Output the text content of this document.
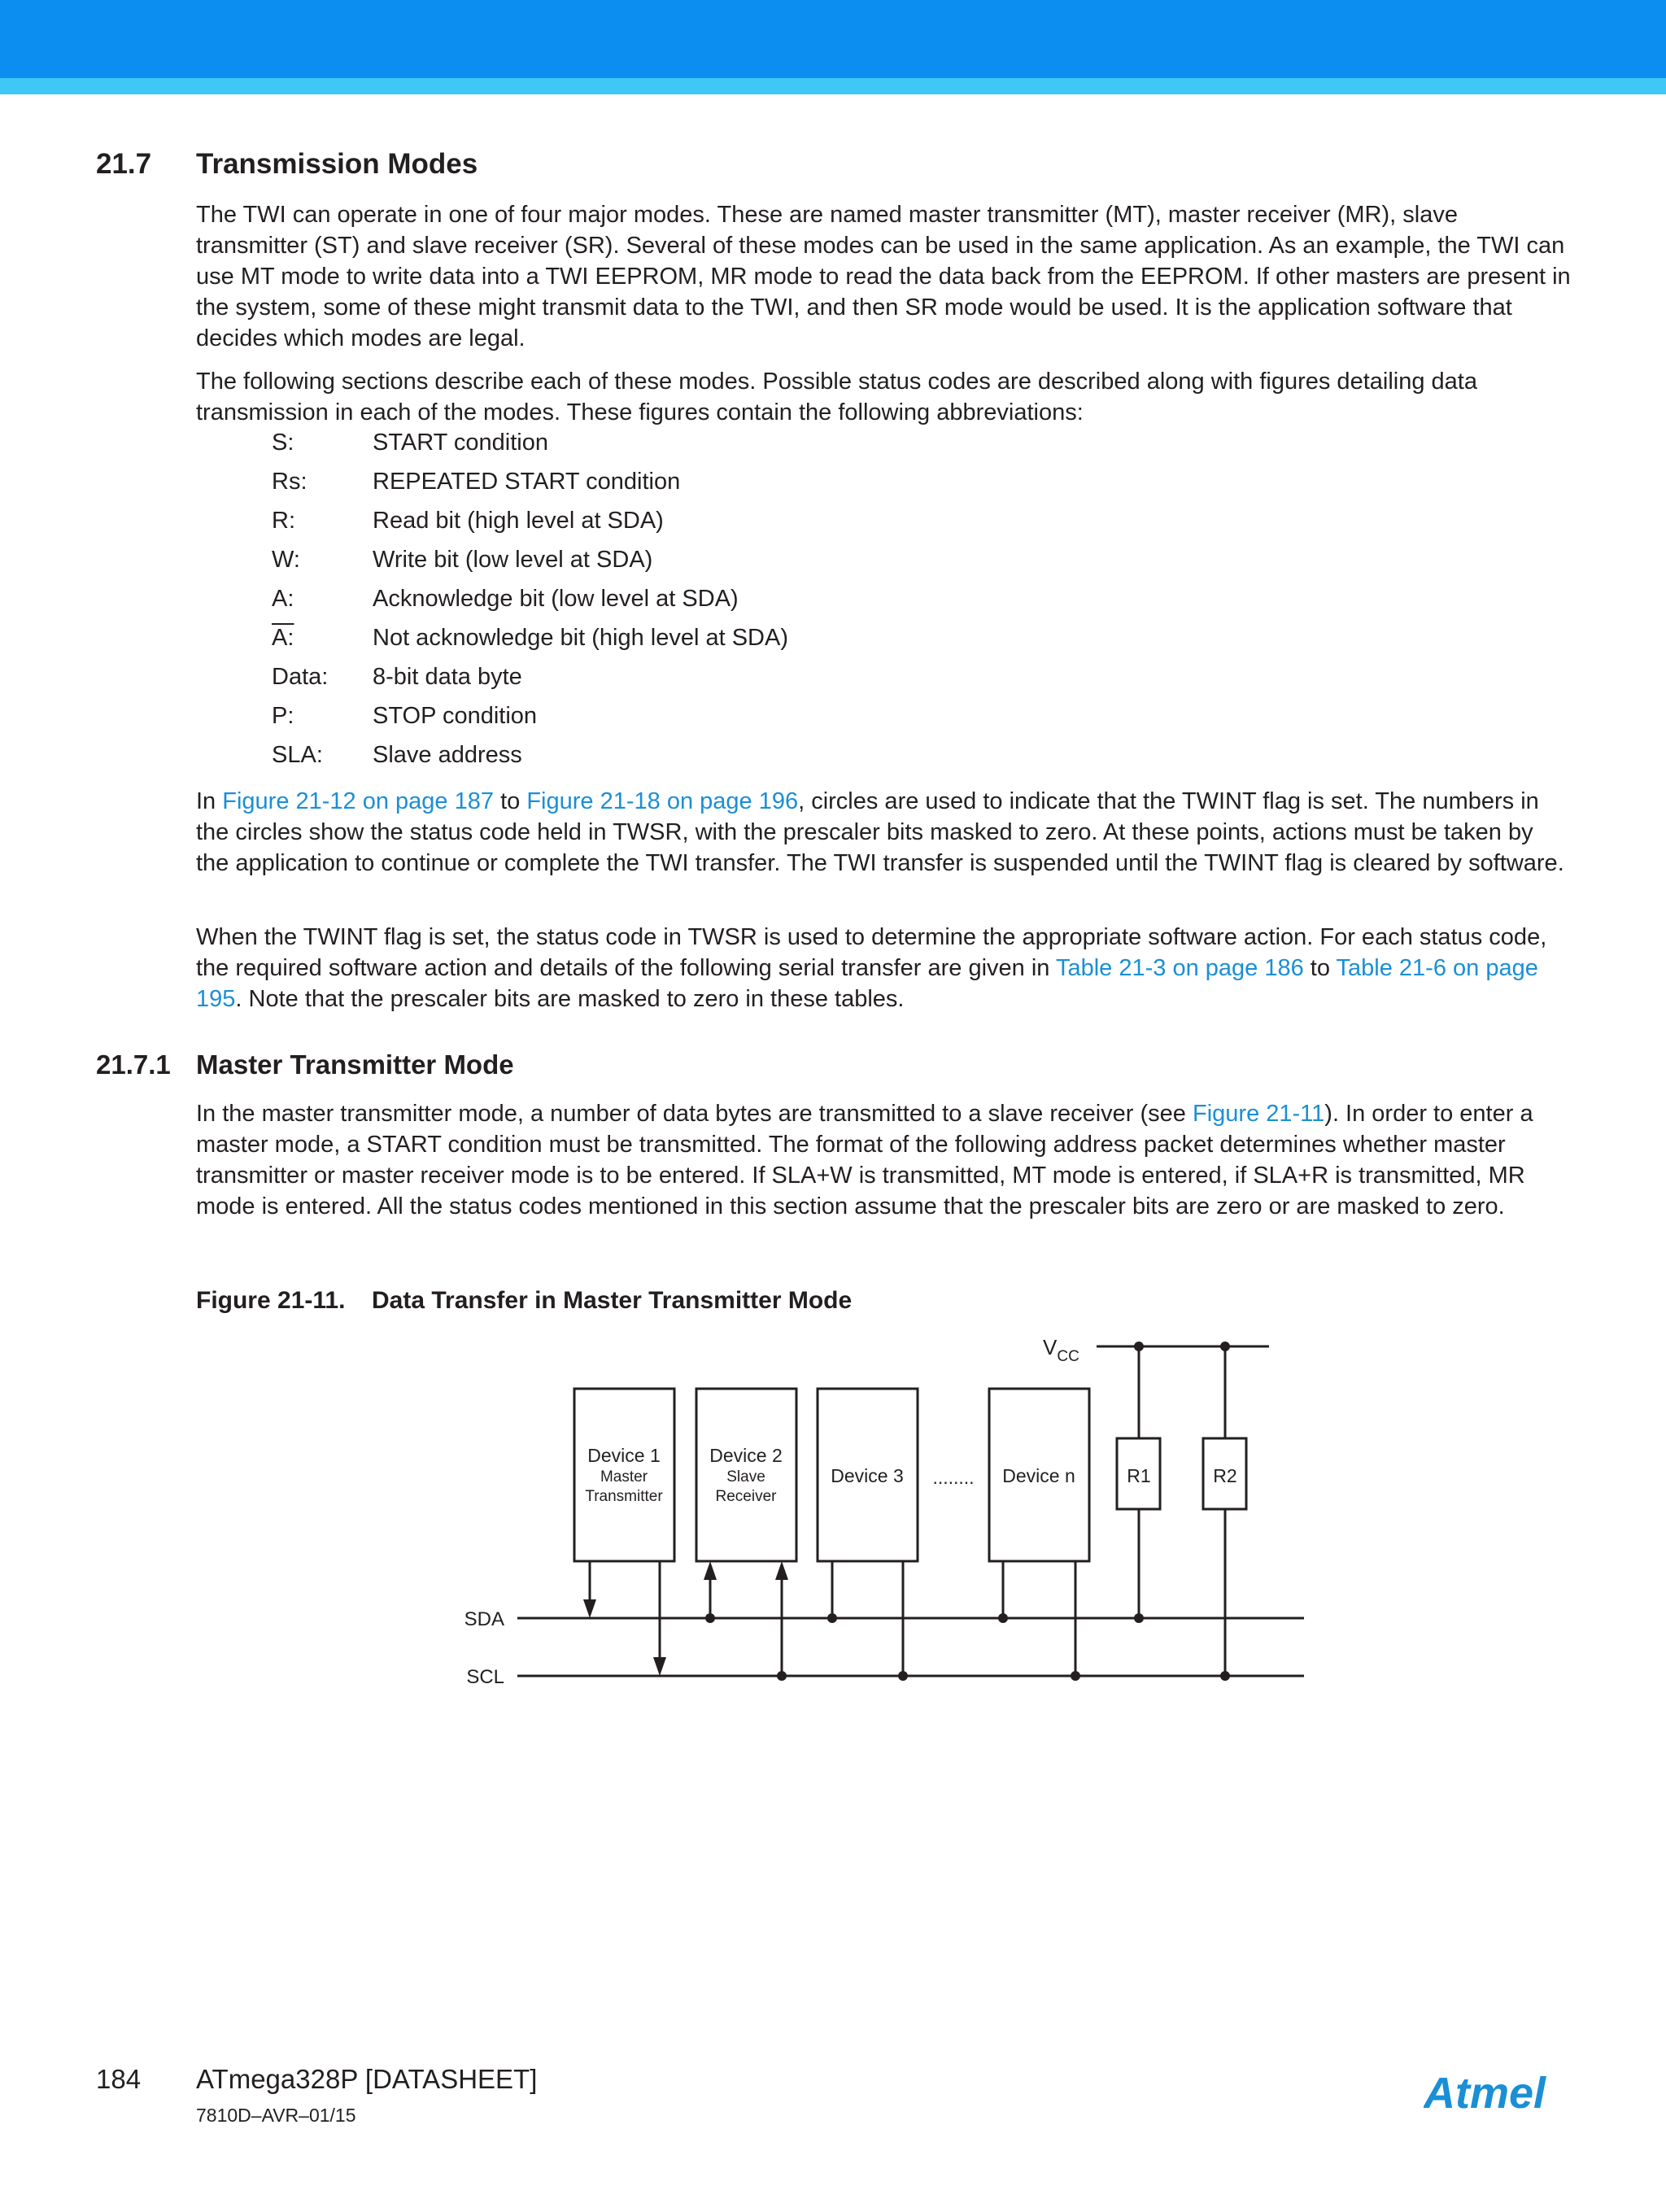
21.7 Transmission Modes

The TWI can operate in one of four major modes. These are named master transmitter (MT), master receiver (MR), slave transmitter (ST) and slave receiver (SR). Several of these modes can be used in the same application. As an example, the TWI can use MT mode to write data into a TWI EEPROM, MR mode to read the data back from the EEPROM. If other masters are present in the system, some of these might transmit data to the TWI, and then SR mode would be used. It is the application software that decides which modes are legal.

The following sections describe each of these modes. Possible status codes are described along with figures detailing data transmission in each of the modes. These figures contain the following abbreviations:

S:	START condition
Rs:	REPEATED START condition
R:	Read bit (high level at SDA)
W:	Write bit (low level at SDA)
A:	Acknowledge bit (low level at SDA)
A:	Not acknowledge bit (high level at SDA)
Data: 8-bit data byte
P:	STOP condition
SLA: Slave address

In Figure 21-12 on page 187 to Figure 21-18 on page 196, circles are used to indicate that the TWINT flag is set. The numbers in the circles show the status code held in TWSR, with the prescaler bits masked to zero. At these points, actions must be taken by the application to continue or complete the TWI transfer. The TWI transfer is suspended until the TWINT flag is cleared by software.

When the TWINT flag is set, the status code in TWSR is used to determine the appropriate software action. For each status code, the required software action and details of the following serial transfer are given in Table 21-3 on page 186 to Table 21-6 on page 195. Note that the prescaler bits are masked to zero in these tables.

21.7.1 Master Transmitter Mode

In the master transmitter mode, a number of data bytes are transmitted to a slave receiver (see Figure 21-11). In order to enter a master mode, a START condition must be transmitted. The format of the following address packet determines whether master transmitter or master receiver mode is to be entered. If SLA+W is transmitted, MT mode is entered, if SLA+R is transmitted, MR mode is entered. All the status codes mentioned in this section assume that the prescaler bits are zero or are masked to zero.

Figure 21-11. Data Transfer in Master Transmitter Mode
$V_{CC}$
SDA
SCL
Device 1
Master
Transmitter
Device 2
Slave
Receiver
Device 3 ........ Device n	R1	R2
184 ATmega328P [DATASHEET]
7810D–AVR–01/15	Atmel
